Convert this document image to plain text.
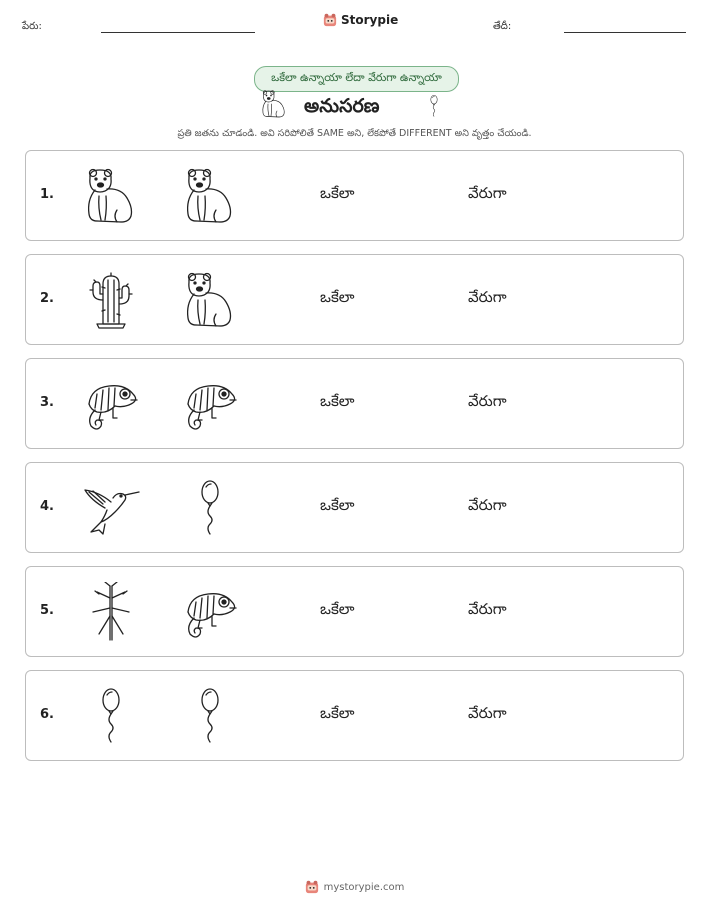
పేరు:	Storypie	తేదీ:
ఒకేలా ఉన్నాయా లేదా వేరుగా ఉన్నాయా
అనుసరణ
ప్రతి జతను చూడండి. అవి సరిపోలితే SAME అని, లేకపోతే DIFFERENT అని వృత్తం చేయండి.
1.	ఒకేలా	వేరుగా
2.	ఒకేలా	వేరుగా
3.	ఒకేలా	వేరుగా
4.	ఒకేలా	వేరుగా
5.	ఒకేలా	వేరుగా
6.	ఒకేలా	వేరుగా
mystorypie.com
